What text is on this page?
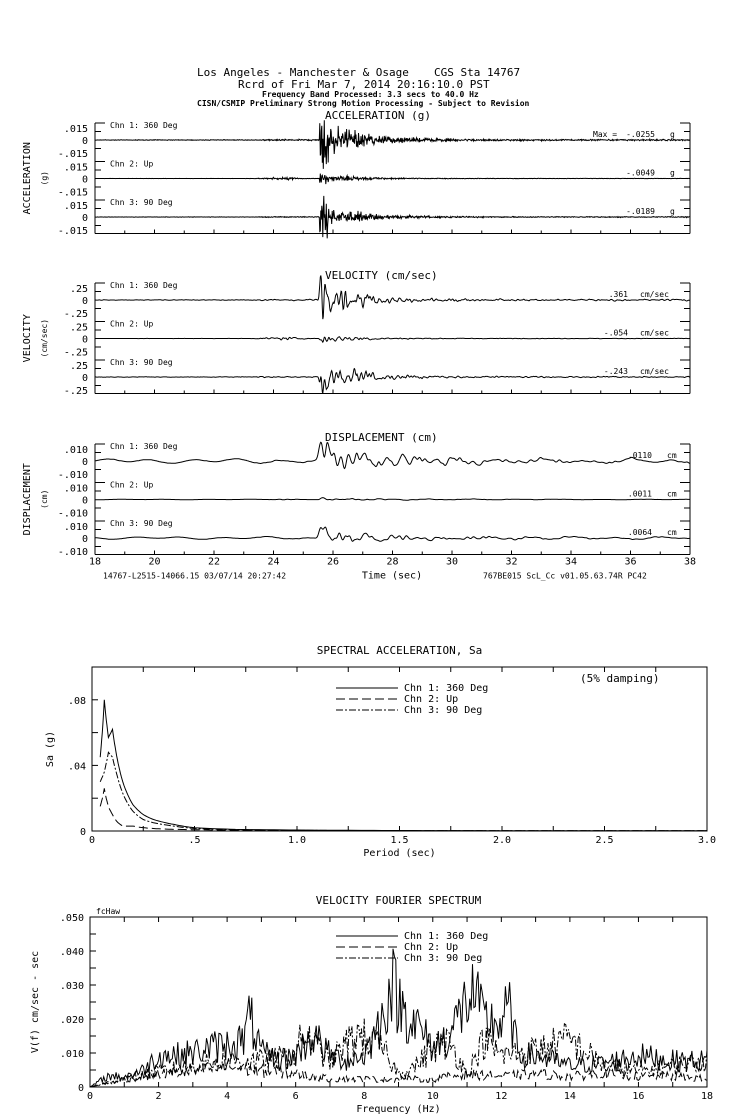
Los Angeles - Manchester & Osage CGS Sta 14767
Rcrd of Fri Mar 7, 2014 20:16:10.0 PST
Frequency Band Processed: 3.3 secs to 40.0 Hz
CISN/CSMIP Preliminary Strong Motion Processing - Subject to Revision
ACCELERATION (g)
ACCELERATION (g)
.015
0
-.015
Chn 1: 360 Deg
Max = -.0255 g
.015
0
-.015
Chn 2: Up
-.0049 g
.015
0
-.015
Chn 3: 90 Deg
-.0189 g
VELOCITY (cm/sec)
VELOCITY (cm/sec)
.25
0
-.25
Chn 1: 360 Deg
.361 cm/sec
.25
0
-.25
Chn 2: Up
-.054 cm/sec
.25
0
-.25
Chn 3: 90 Deg
-.243 cm/sec
DISPLACEMENT (cm)
DISPLACEMENT (cm)
.010
0
-.010
Chn 1: 360 Deg
.0110 cm
.010
0
-.010
Chn 2: Up
.0011 cm
.010
0
-.010
Chn 3: 90 Deg
.0064 cm
18	20	22	24	26	28	30	32	34	36	38
Time (sec)
14767-L2515-14066.15 03/07/14 20:27:42	767BE015 ScL_Cc v01.05.63.74R PC42
SPECTRAL ACCELERATION, Sa
0	.5	1.0	1.5	2.0	2.5	3.0
.08
.04
0
Period (sec)
Sa (g)
Chn 1: 360 Deg
Chn 2: Up
Chn 3: 90 Deg
(5% damping)
VELOCITY FOURIER SPECTRUM
0	2	4	6	8	10	12	14	16	18
.050
.040
.030
.020
.010
0
Frequency (Hz)
V(f) cm/sec - sec
Chn 1: 360 Deg
Chn 2: Up
Chn 3: 90 Deg
fcHaw
